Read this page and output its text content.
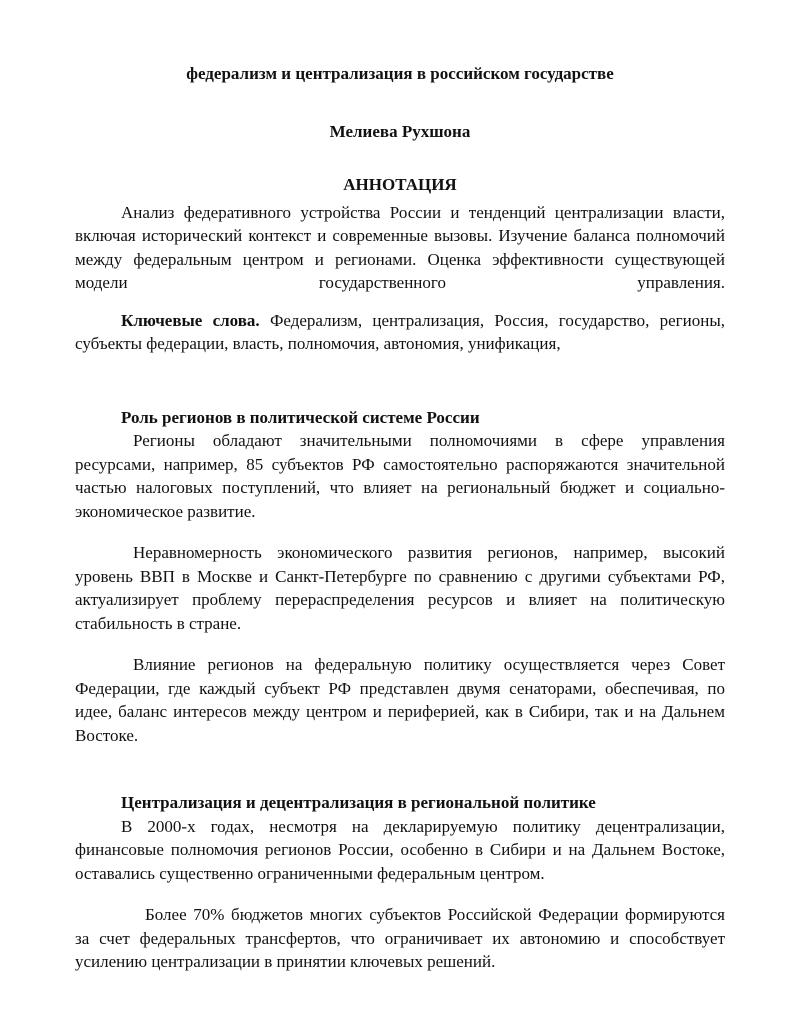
федерализм и централизация в российском государстве

Мелиева Рухшона

АННОТАЦИЯ

Анализ федеративного устройства России и тенденций централизации власти, включая исторический контекст и современные вызовы. Изучение баланса полномочий между федеральным центром и регионами. Оценка эффективности существующей модели государственного управления.

Ключевые слова. Федерализм, централизация, Россия, государство, регионы, субъекты федерации, власть, полномочия, автономия, унификация,

Роль регионов в политической системе России

Регионы обладают значительными полномочиями в сфере управления ресурсами, например, 85 субъектов РФ самостоятельно распоряжаются значительной частью налоговых поступлений, что влияет на региональный бюджет и социально-экономическое развитие.

Неравномерность экономического развития регионов, например, высокий уровень ВВП в Москве и Санкт-Петербурге по сравнению с другими субъектами РФ, актуализирует проблему перераспределения ресурсов и влияет на политическую стабильность в стране.

Влияние регионов на федеральную политику осуществляется через Совет Федерации, где каждый субъект РФ представлен двумя сенаторами, обеспечивая, по идее, баланс интересов между центром и периферией, как в Сибири, так и на Дальнем Востоке.

Централизация и децентрализация в региональной политике

В 2000-х годах, несмотря на декларируемую политику децентрализации, финансовые полномочия регионов России, особенно в Сибири и на Дальнем Востоке, оставались существенно ограниченными федеральным центром.

Более 70% бюджетов многих субъектов Российской Федерации формируются за счет федеральных трансфертов, что ограничивает их автономию и способствует усилению централизации в принятии ключевых решений.
